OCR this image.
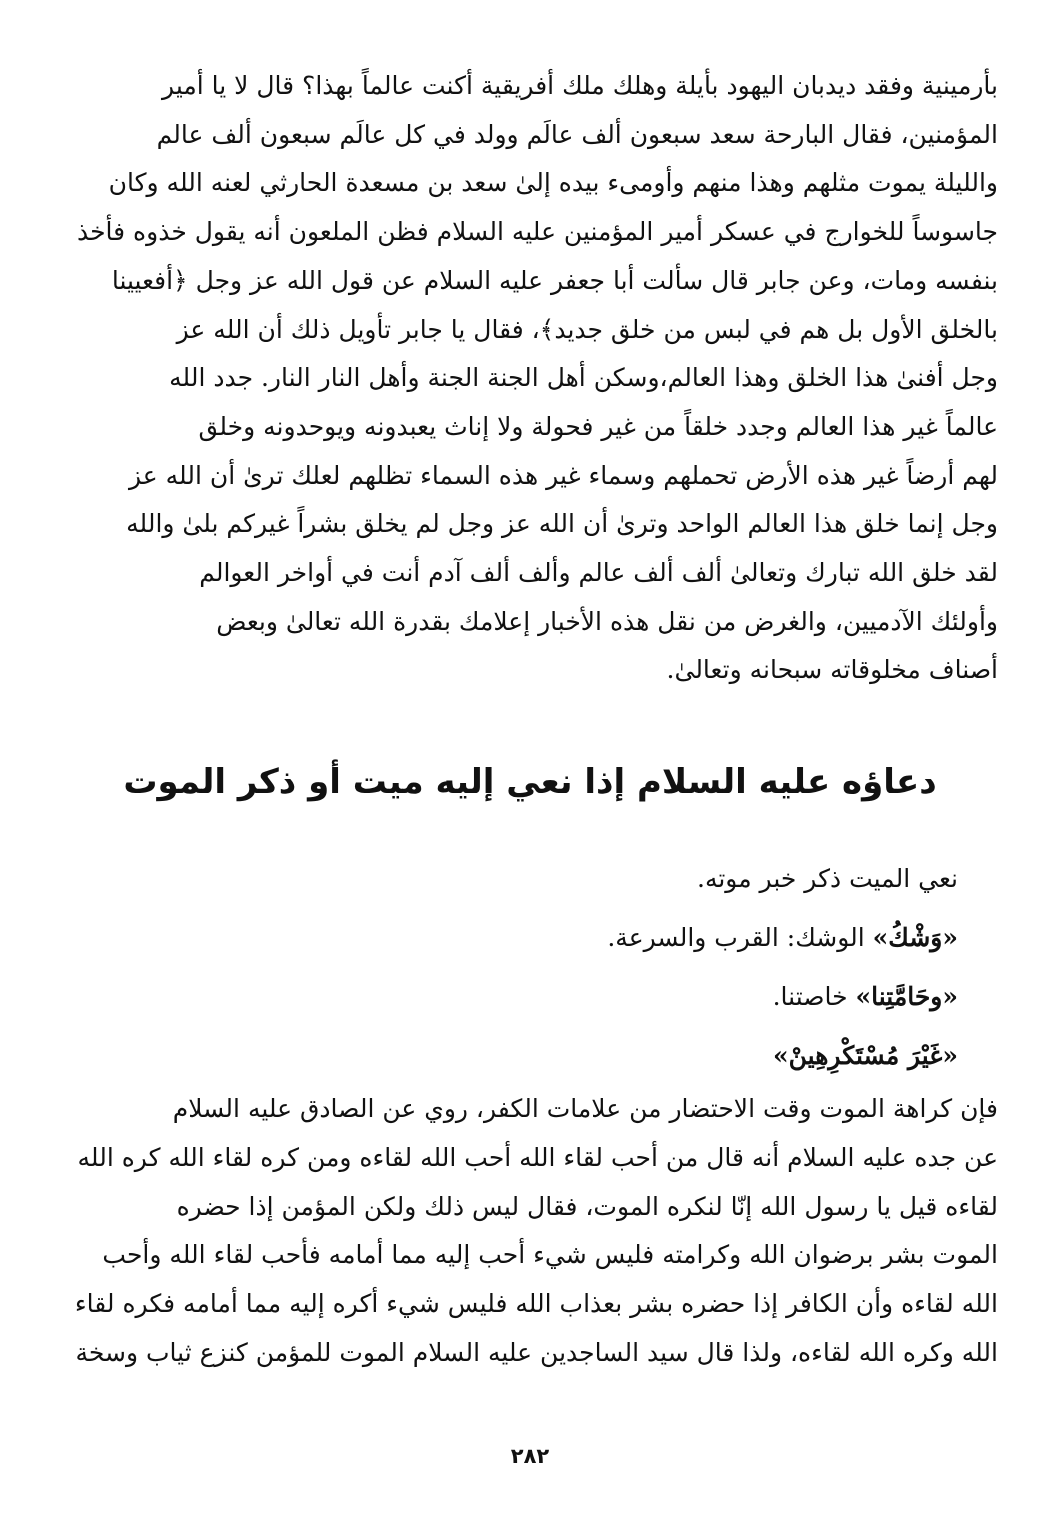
بأرمينية وفقد ديدبان اليهود بأيلة وهلك ملك أفريقية أكنت عالماً بهذا؟ قال لا يا أمير
المؤمنين، فقال البارحة سعد سبعون ألف عالَم وولد في كل عالَم سبعون ألف عالم
والليلة يموت مثلهم وهذا منهم وأومىء بيده إلىٰ سعد بن مسعدة الحارثي لعنه الله وكان
جاسوساً للخوارج في عسكر أمير المؤمنين عليه السلام فظن الملعون أنه يقول خذوه فأخذ
بنفسه ومات، وعن جابر قال سألت أبا جعفر عليه السلام عن قول الله عز وجل ﴿أفعيينا
بالخلق الأول بل هم في لبس من خلق جديد﴾، فقال يا جابر تأويل ذلك أن الله عز
وجل أفنىٰ هذا الخلق وهذا العالم،وسكن أهل الجنة الجنة وأهل النار النار. جدد الله
عالماً غير هذا العالم وجدد خلقاً من غير فحولة ولا إناث يعبدونه ويوحدونه وخلق
لهم أرضاً غير هذه الأرض تحملهم وسماء غير هذه السماء تظلهم لعلك ترىٰ أن الله عز
وجل إنما خلق هذا العالم الواحد وترىٰ أن الله عز وجل لم يخلق بشراً غيركم بلىٰ والله
لقد خلق الله تبارك وتعالىٰ ألف ألف عالم وألف ألف آدم أنت في أواخر العوالم
وأولئك الآدميين، والغرض من نقل هذه الأخبار إعلامك بقدرة الله تعالىٰ وبعض
أصناف مخلوقاته سبحانه وتعالىٰ.

دعاؤه عليه السلام إذا نعي إليه ميت أو ذكر الموت

نعي الميت ذكر خبر موته.

«وَشْكُ» الوشك: القرب والسرعة.

«وحَامَّتِنا» خاصتنا.

«غَيْرَ مُسْتَكْرِهِينْ»

فإن كراهة الموت وقت الاحتضار من علامات الكفر، روي عن الصادق عليه السلام
عن جده عليه السلام أنه قال من أحب لقاء الله أحب الله لقاءه ومن كره لقاء الله كره الله
لقاءه قيل يا رسول الله إنّا لنكره الموت، فقال ليس ذلك ولكن المؤمن إذا حضره
الموت بشر برضوان الله وكرامته فليس شيء أحب إليه مما أمامه فأحب لقاء الله وأحب
الله لقاءه وأن الكافر إذا حضره بشر بعذاب الله فليس شيء أكره إليه مما أمامه فكره لقاء
الله وكره الله لقاءه، ولذا قال سيد الساجدين عليه السلام الموت للمؤمن كنزع ثياب وسخة

٢٨٢
